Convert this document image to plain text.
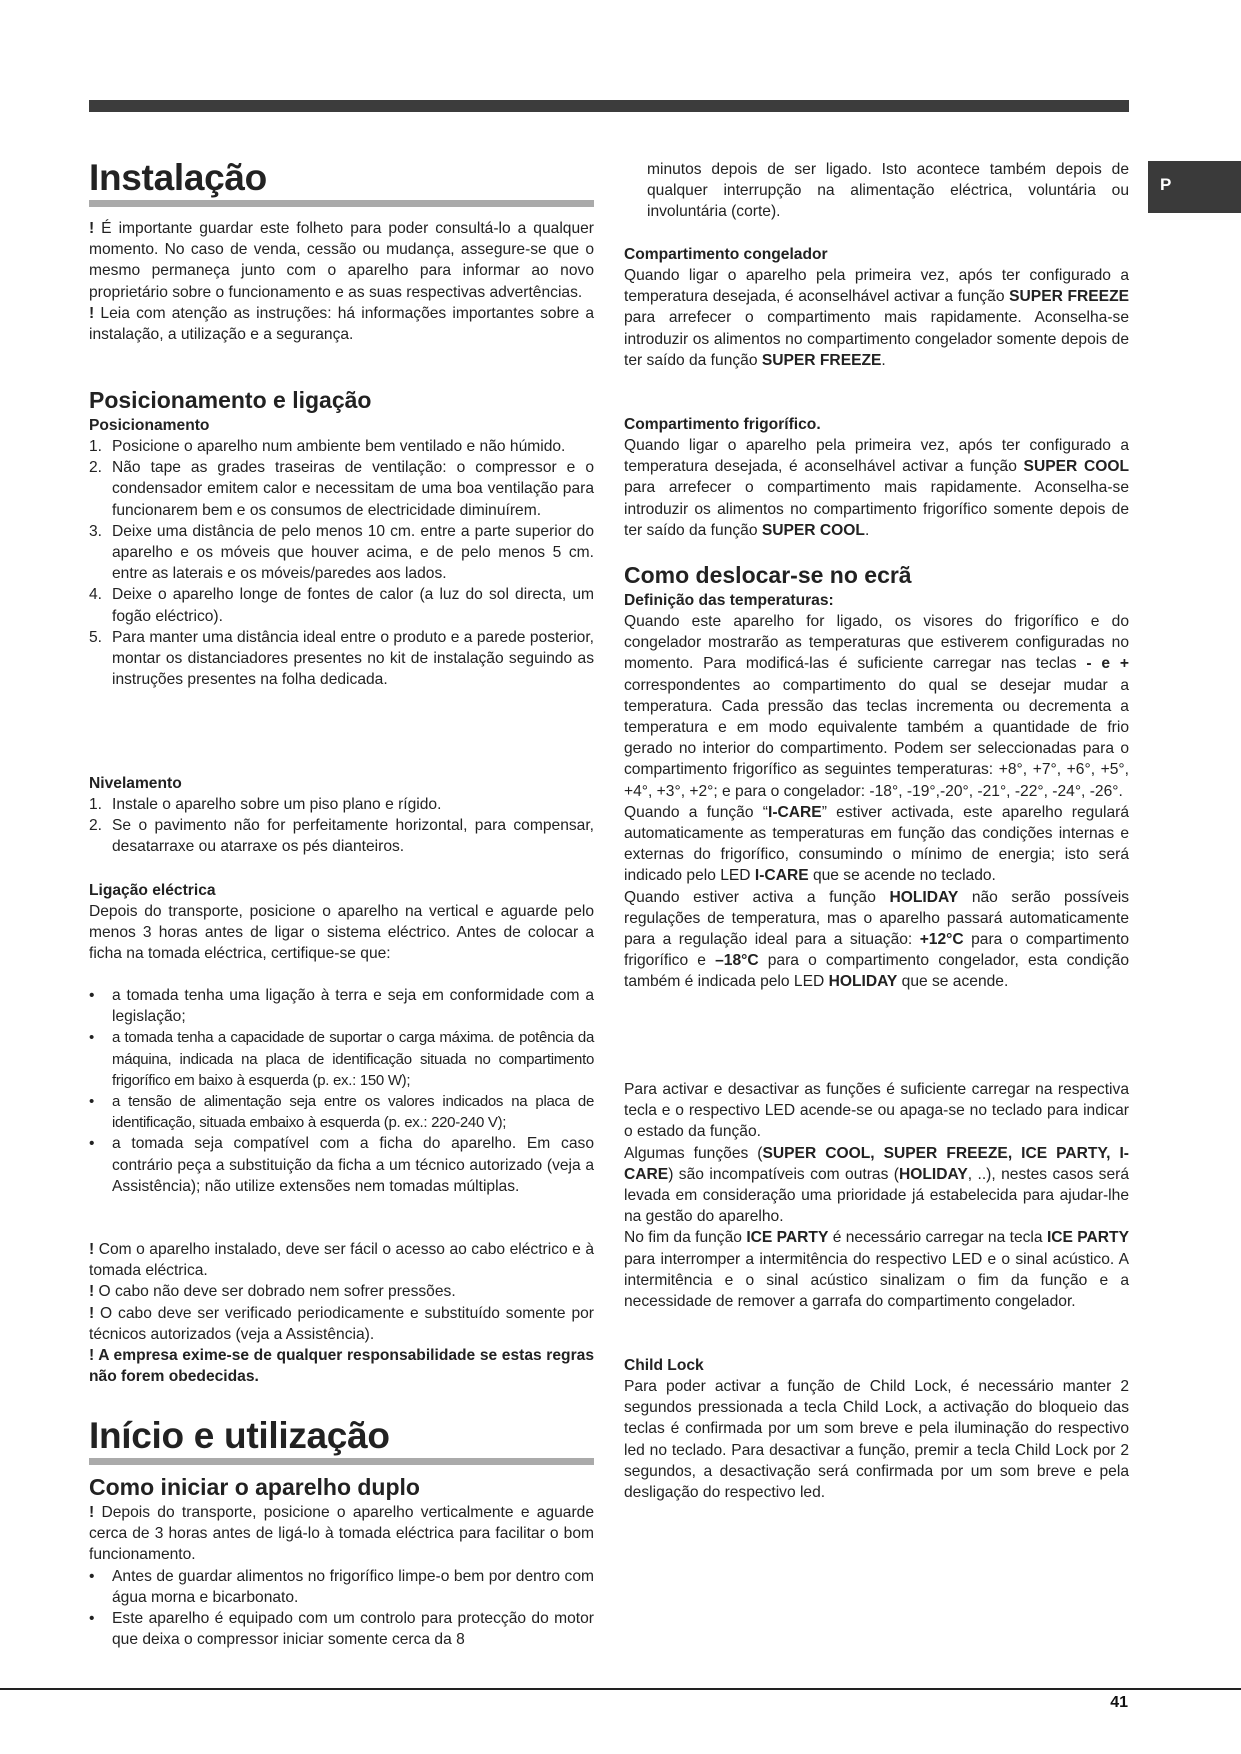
P
Instalação

! É importante guardar este folheto para poder consultá-lo a qualquer momento. No caso de venda, cessão ou mudança, assegure-se que o mesmo permaneça junto com o aparelho para informar ao novo proprietário sobre o funcionamento e as suas respectivas advertências.

! Leia com atenção as instruções: há informações importantes sobre a instalação, a utilização e a segurança.

Posicionamento e ligação
Posicionamento
1. Posicione o aparelho num ambiente bem ventilado e não húmido.
2. Não tape as grades traseiras de ventilação: o compressor e o condensador emitem calor e necessitam de uma boa ventilação para funcionarem bem e os consumos de electricidade diminuírem.
3. Deixe uma distância de pelo menos 10 cm. entre a parte superior do aparelho e os móveis que houver acima, e de pelo menos 5 cm. entre as laterais e os móveis/paredes aos lados.
4. Deixe o aparelho longe de fontes de calor (a luz do sol directa, um fogão eléctrico).
5. Para manter uma distância ideal entre o produto e a parede posterior, montar os distanciadores presentes no kit de instalação seguindo as instruções presentes na folha dedicada.
Nivelamento
1. Instale o aparelho sobre um piso plano e rígido.
2. Se o pavimento não for perfeitamente horizontal, para compensar, desatarraxe ou atarraxe os pés dianteiros.
Ligação eléctrica

Depois do transporte, posicione o aparelho na vertical e aguarde pelo menos 3 horas antes de ligar o sistema eléctrico. Antes de colocar a ficha na tomada eléctrica, certifique-se que:

• a tomada tenha uma ligação à terra e seja em conformidade com a legislação;
• a tomada tenha a capacidade de suportar o carga máxima. de potência da máquina, indicada na placa de identificação situada no compartimento frigorífico em baixo à esquerda (p. ex.: 150 W);
• a tensão de alimentação seja entre os valores indicados na placa de identificação, situada embaixo à esquerda (p. ex.: 220-240 V);
• a tomada seja compatível com a ficha do aparelho. Em caso contrário peça a substituição da ficha a um técnico autorizado (veja a Assistência); não utilize extensões nem tomadas múltiplas.

! Com o aparelho instalado, deve ser fácil o acesso ao cabo eléctrico e à tomada eléctrica.

! O cabo não deve ser dobrado nem sofrer pressões.

! O cabo deve ser verificado periodicamente e substituído somente por técnicos autorizados (veja a Assistência).

! A empresa exime-se de qualquer responsabilidade se estas regras não forem obedecidas.

Início e utilização
Como iniciar o aparelho duplo

! Depois do transporte, posicione o aparelho verticalmente e aguarde cerca de 3 horas antes de ligá-lo à tomada eléctrica para facilitar o bom funcionamento.

• Antes de guardar alimentos no frigorífico limpe-o bem por dentro com água morna e bicarbonato.
• Este aparelho é equipado com um controlo para protecção do motor que deixa o compressor iniciar somente cerca da 8

minutos depois de ser ligado. Isto acontece também depois de qualquer interrupção na alimentação eléctrica, voluntária ou involuntária (corte).

Compartimento congelador

Quando ligar o aparelho pela primeira vez, após ter configurado a temperatura desejada, é aconselhável activar a função SUPER FREEZE para arrefecer o compartimento mais rapidamente. Aconselha-se introduzir os alimentos no compartimento congelador somente depois de ter saído da função SUPER FREEZE.

Compartimento frigorífico.

Quando ligar o aparelho pela primeira vez, após ter configurado a temperatura desejada, é aconselhável activar a função SUPER COOL para arrefecer o compartimento mais rapidamente. Aconselha-se introduzir os alimentos no compartimento frigorífico somente depois de ter saído da função SUPER COOL.

Como deslocar-se no ecrã
Definição das temperaturas:

Quando este aparelho for ligado, os visores do frigorífico e do congelador mostrarão as temperaturas que estiverem configuradas no momento. Para modificá-las é suficiente carregar nas teclas - e + correspondentes ao compartimento do qual se desejar mudar a temperatura. Cada pressão das teclas incrementa ou decrementa a temperatura e em modo equivalente também a quantidade de frio gerado no interior do compartimento. Podem ser seleccionadas para o compartimento frigorífico as seguintes temperaturas: +8°, +7°, +6°, +5°, +4°, +3°, +2°; e para o congelador: -18°, -19°,-20°, -21°, -22°, -24°, -26°.

Quando a função “I-CARE” estiver activada, este aparelho regulará automaticamente as temperaturas em função das condições internas e externas do frigorífico, consumindo o mínimo de energia; isto será indicado pelo LED I-CARE que se acende no teclado.

Quando estiver activa a função HOLIDAY não serão possíveis regulações de temperatura, mas o aparelho passará automaticamente para a regulação ideal para a situação: +12°C para o compartimento frigorífico e –18°C para o compartimento congelador, esta condição também é indicada pelo LED HOLIDAY que se acende.

Para activar e desactivar as funções é suficiente carregar na respectiva tecla e o respectivo LED acende-se ou apaga-se no teclado para indicar o estado da função.

Algumas funções (SUPER COOL, SUPER FREEZE, ICE PARTY, I-CARE) são incompatíveis com outras (HOLIDAY, ..), nestes casos será levada em consideração uma prioridade já estabelecida para ajudar-lhe na gestão do aparelho.

No fim da função ICE PARTY é necessário carregar na tecla ICE PARTY para interromper a intermitência do respectivo LED e o sinal acústico. A intermitência e o sinal acústico sinalizam o fim da função e a necessidade de remover a garrafa do compartimento congelador.

Child Lock

Para poder activar a função de Child Lock, é necessário manter 2 segundos pressionada a tecla Child Lock, a activação do bloqueio das teclas é confirmada por um som breve e pela iluminação do respectivo led no teclado. Para desactivar a função, premir a tecla Child Lock por 2 segundos, a desactivação será confirmada por um som breve e pela desligação do respectivo led.

41
